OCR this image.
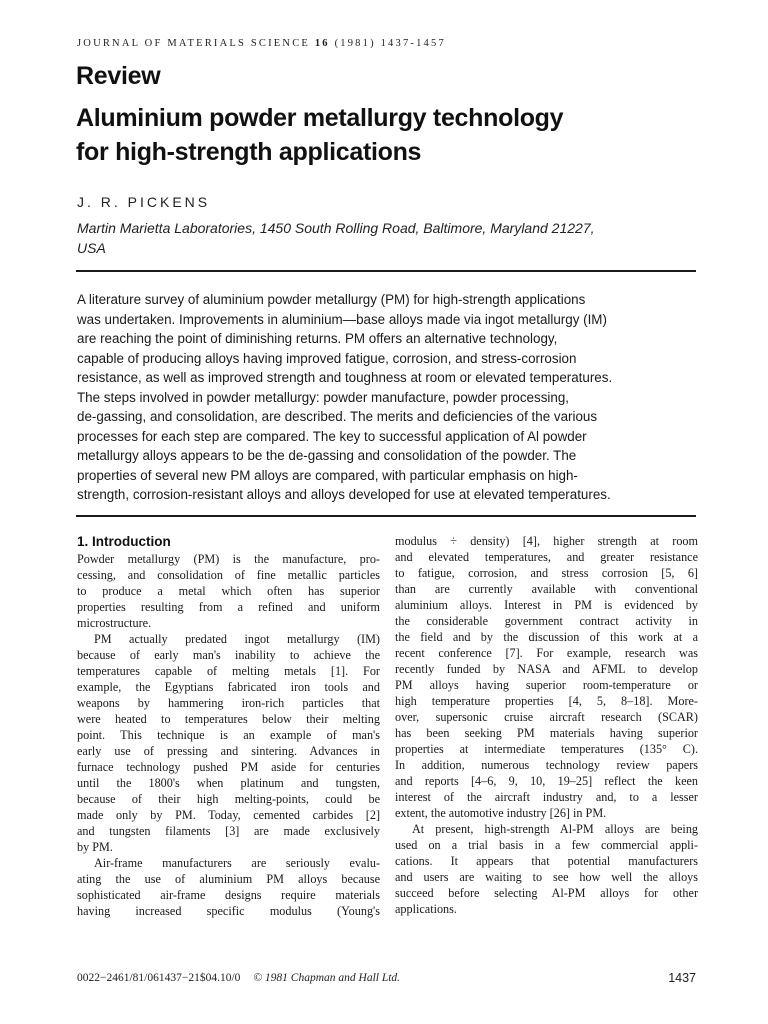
JOURNAL OF MATERIALS SCIENCE 16 (1981) 1437-1457
Review
Aluminium powder metallurgy technology
for high-strength applications
J. R. PICKENS
Martin Marietta Laboratories, 1450 South Rolling Road, Baltimore, Maryland 21227,
USA
A literature survey of aluminium powder metallurgy (PM) for high-strength applications
was undertaken. Improvements in aluminium—base alloys made via ingot metallurgy (IM)
are reaching the point of diminishing returns. PM offers an alternative technology,
capable of producing alloys having improved fatigue, corrosion, and stress-corrosion
resistance, as well as improved strength and toughness at room or elevated temperatures.
The steps involved in powder metallurgy: powder manufacture, powder processing,
de-gassing, and consolidation, are described. The merits and deficiencies of the various
processes for each step are compared. The key to successful application of Al powder
metallurgy alloys appears to be the de-gassing and consolidation of the powder. The
properties of several new PM alloys are compared, with particular emphasis on high-
strength, corrosion-resistant alloys and alloys developed for use at elevated temperatures.
1. Introduction
Powder metallurgy (PM) is the manufacture, pro-
cessing, and consolidation of fine metallic particles
to produce a metal which often has superior
properties resulting from a refined and uniform
microstructure.
PM actually predated ingot metallurgy (IM)
because of early man's inability to achieve the
temperatures capable of melting metals [1]. For
example, the Egyptians fabricated iron tools and
weapons by hammering iron-rich particles that
were heated to temperatures below their melting
point. This technique is an example of man's
early use of pressing and sintering. Advances in
furnace technology pushed PM aside for centuries
until the 1800's when platinum and tungsten,
because of their high melting-points, could be
made only by PM. Today, cemented carbides [2]
and tungsten filaments [3] are made exclusively
by PM.
Air-frame manufacturers are seriously evalu-
ating the use of aluminium PM alloys because
sophisticated air-frame designs require materials
having increased specific modulus (Young's
modulus ÷ density) [4], higher strength at room
and elevated temperatures, and greater resistance
to fatigue, corrosion, and stress corrosion [5, 6]
than are currently available with conventional
aluminium alloys. Interest in PM is evidenced by
the considerable government contract activity in
the field and by the discussion of this work at a
recent conference [7]. For example, research was
recently funded by NASA and AFML to develop
PM alloys having superior room-temperature or
high temperature properties [4, 5, 8–18]. More-
over, supersonic cruise aircraft research (SCAR)
has been seeking PM materials having superior
properties at intermediate temperatures (135° C).
In addition, numerous technology review papers
and reports [4–6, 9, 10, 19–25] reflect the keen
interest of the aircraft industry and, to a lesser
extent, the automotive industry [26] in PM.
At present, high-strength Al-PM alloys are being
used on a trial basis in a few commercial appli-
cations. It appears that potential manufacturers
and users are waiting to see how well the alloys
succeed before selecting Al-PM alloys for other
applications.
0022−2461/81/061437−21$04.10/0 © 1981 Chapman and Hall Ltd.	1437
